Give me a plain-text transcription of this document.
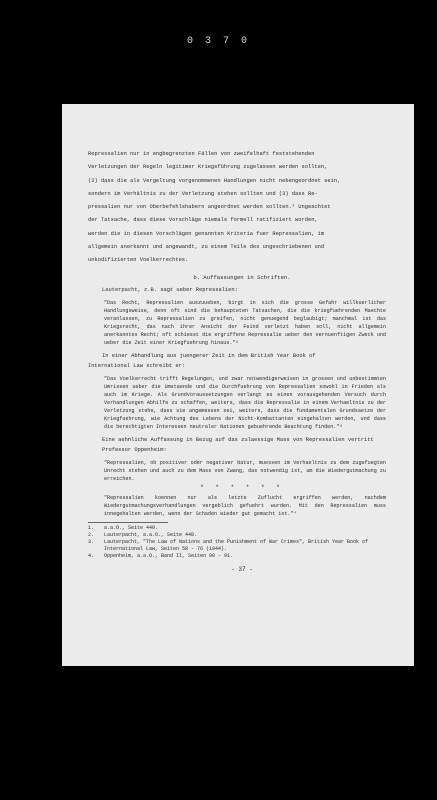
0 3 7 0

Repressalien nur in engbegrenzten Fällen von zweifelhaft feststehenden

Verletzungen der Regeln legitimer Kriegsführung zugelassen werden sollten,

(2) dass die als Vergeltung vorgenommenen Handlungen nicht nebengeordnet sein,

sondern im Verhältnis zu der Verletzung stehen sollten und (3) dass Re-

pressalien nur von Oberbefehlshabern angeordnet werden sollten.¹ Ungeachtet

der Tatsache, dass diese Vorschläge niemals formell ratifiziert worden,

werden die in diesen Vorschlägen genannten Kriteria fuer Repressalien, im

allgemein anerkannt und angewandt, zu einem Teile des ungeschriebenen und

unkodifizierten Voelkerrechtes.

b. Auffassungen in Schriften.

Lauterpacht, z.B. sagt ueber Repressalien:

"Das Recht, Repressalien auszuueben, birgt in sich die grosse Gefahr willkuerlicher Handlungsweise, denn oft sind die behaupteten Tatsachen, die die kriegfuehrenden Maechte veranlassen, zu Repressalien zu greifen, nicht genuegend beglaubigt; manchmal ist das Kriegsrecht, das nach ihrer Ansicht der Feind verletzt haben soll, nicht allgemein anerkanntes Recht; oft schiesst die ergriffene Repressalie ueber den vernuenftigen Zweck und ueber die Zeit einer Kriegfuehrung hinaus."²

In einer Abhandlung aus juengerer Zeit in dem British Year Book of

International Law schreibt er:

"Das Voelkerrecht trifft Regelungen, und zwar notwendigerweisen in grossen und unbestimmten Umrissen ueber die Umstaende und die Durchfuehrung von Repressalien sowohl in Frieden als auch im Kriege. Als Grundvoraussetzungen verlangt es einen vorausgehenden Versuch durch Verhandlungen Abhilfe zu schaffen, weiters, dass die Repressalie in einem Verhaeltnis zu der Verletzung stehe, dass sie angemessen sei, weiters, dass die fundamentalen Grundsaetze der Kriegfuehrung, wie Achtung des Lebens der Nicht-Kombattanten eingehalten werden, und dass die berechtigten Interessen neutraler Nationen gebuehrende Beachtung finden."³

Eine aehnliche Auffassung in Bezug auf das zulaessige Mass von Repressalien vertritt Professor Oppenheim:

"Repressalien, ob positiver oder negativer Natur, muessen im Verhaeltnis zu dem zugefuegten Unrecht stehen und auch zu dem Mass von Zwang, das notwendig ist, um die Wiedergutmachung zu erreichen.

* * * * * *

"Repressalien koennen nur als letzte Zuflucht ergriffen werden, nachdem Wiedergutmachungsverhandlungen vergeblich gefuehrt wurden. Mit den Repressalien muss innegehalten werden, wenn der Schaden wieder gut gemacht ist."⁴

1.	a.a.O., Seite 449.
2.	Lauterpacht, a.a.O., Seite 448.
3.	Lauterpacht, "The Law of Nations and the Punishment of War Crimes", British Year Book of International Law, Seiten 58 - 76 (1944).
4.	Oppenheim, a.a.O., Band II, Seiten 90 - 91.
- 37 -
